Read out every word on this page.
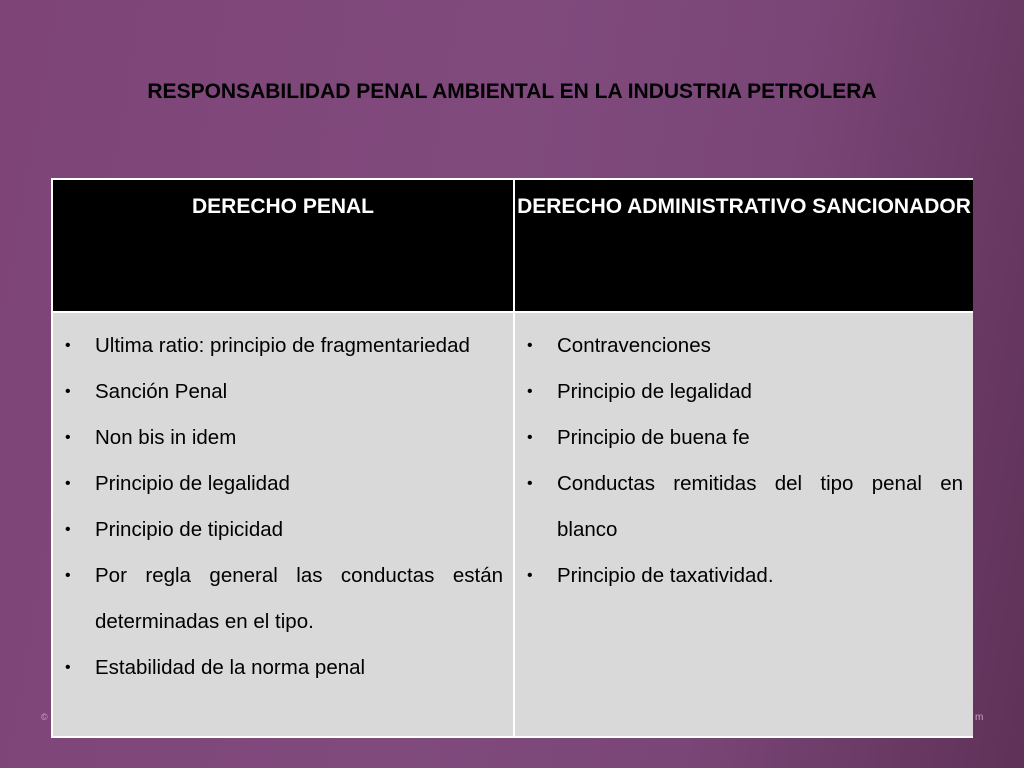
RESPONSABILIDAD PENAL AMBIENTAL EN LA INDUSTRIA PETROLERA
DERECHO PENAL	DERECHO ADMINISTRATIVO SANCIONADOR
• Ultima ratio: principio de fragmentariedad
• Sanción Penal
• Non bis in idem
• Principio de legalidad
• Principio de tipicidad
• Por regla general las conductas están determinadas en el tipo.
• Estabilidad de la norma penal
• Contravenciones
• Principio de legalidad
• Principio de buena fe
• Conductas remitidas del tipo penal en blanco
• Principio de taxatividad.
©	m
